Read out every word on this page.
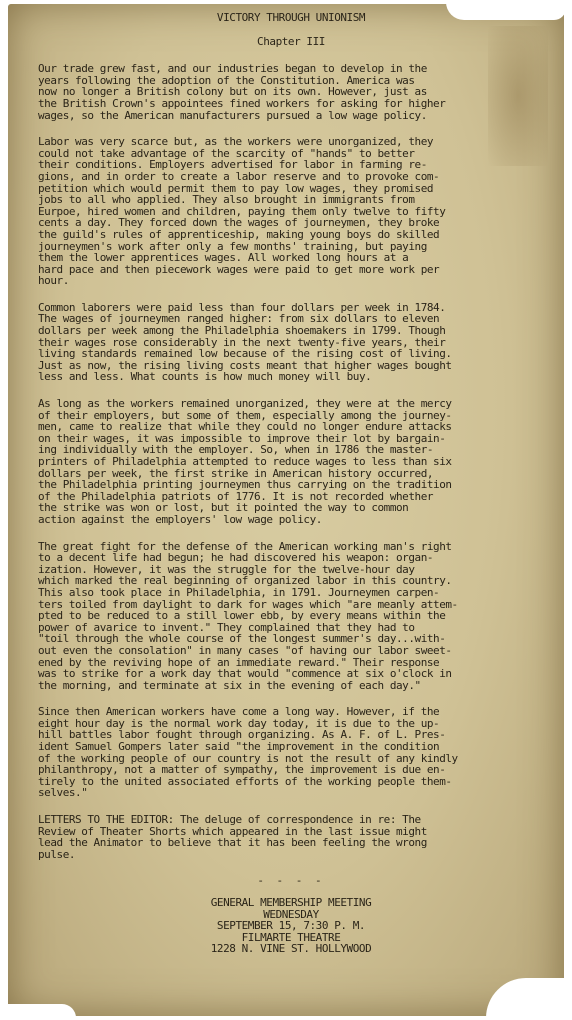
VICTORY THROUGH UNIONISM
Chapter III
Our trade grew fast, and our industries began to develop in the
years following the adoption of the Constitution. America was
now no longer a British colony but on its own. However, just as
the British Crown's appointees fined workers for asking for higher
wages, so the American manufacturers pursued a low wage policy.
Labor was very scarce but, as the workers were unorganized, they
could not take advantage of the scarcity of "hands" to better
their conditions. Employers advertised for labor in farming re-
gions, and in order to create a labor reserve and to provoke com-
petition which would permit them to pay low wages, they promised
jobs to all who applied. They also brought in immigrants from
Eurpoe, hired women and children, paying them only twelve to fifty
cents a day. They forced down the wages of journeymen, they broke
the guild's rules of apprenticeship, making young boys do skilled
journeymen's work after only a few months' training, but paying
them the lower apprentices wages. All worked long hours at a
hard pace and then piecework wages were paid to get more work per
hour.
Common laborers were paid less than four dollars per week in 1784.
The wages of journeymen ranged higher: from six dollars to eleven
dollars per week among the Philadelphia shoemakers in 1799. Though
their wages rose considerably in the next twenty-five years, their
living standards remained low because of the rising cost of living.
Just as now, the rising living costs meant that higher wages bought
less and less. What counts is how much money will buy.
As long as the workers remained unorganized, they were at the mercy
of their employers, but some of them, especially among the journey-
men, came to realize that while they could no longer endure attacks
on their wages, it was impossible to improve their lot by bargain-
ing individually with the employer. So, when in 1786 the master-
printers of Philadelphia attempted to reduce wages to less than six
dollars per week, the first strike in American history occurred,
the Philadelphia printing journeymen thus carrying on the tradition
of the Philadelphia patriots of 1776. It is not recorded whether
the strike was won or lost, but it pointed the way to common
action against the employers' low wage policy.
The great fight for the defense of the American working man's right
to a decent life had begun; he had discovered his weapon: organ-
ization. However, it was the struggle for the twelve-hour day
which marked the real beginning of organized labor in this country.
This also took place in Philadelphia, in 1791. Journeymen carpen-
ters toiled from daylight to dark for wages which "are meanly attem-
pted to be reduced to a still lower ebb, by every means within the
power of avarice to invent." They complained that they had to
"toil through the whole course of the longest summer's day...with-
out even the consolation" in many cases "of having our labor sweet-
ened by the reviving hope of an immediate reward." Their response
was to strike for a work day that would "commence at six o'clock in
the morning, and terminate at six in the evening of each day."
Since then American workers have come a long way. However, if the
eight hour day is the normal work day today, it is due to the up-
hill battles labor fought through organizing. As A. F. of L. Pres-
ident Samuel Gompers later said "the improvement in the condition
of the working people of our country is not the result of any kindly
philanthropy, not a matter of sympathy, the improvement is due en-
tirely to the united associated efforts of the working people them-
selves."
LETTERS TO THE EDITOR: The deluge of correspondence in re: The
Review of Theater Shorts which appeared in the last issue might
lead the Animator to believe that it has been feeling the wrong
pulse.
- - - -
GENERAL MEMBERSHIP MEETING
WEDNESDAY
SEPTEMBER 15, 7:30 P. M.
FILMARTE THEATRE
1228 N. VINE ST. HOLLYWOOD
